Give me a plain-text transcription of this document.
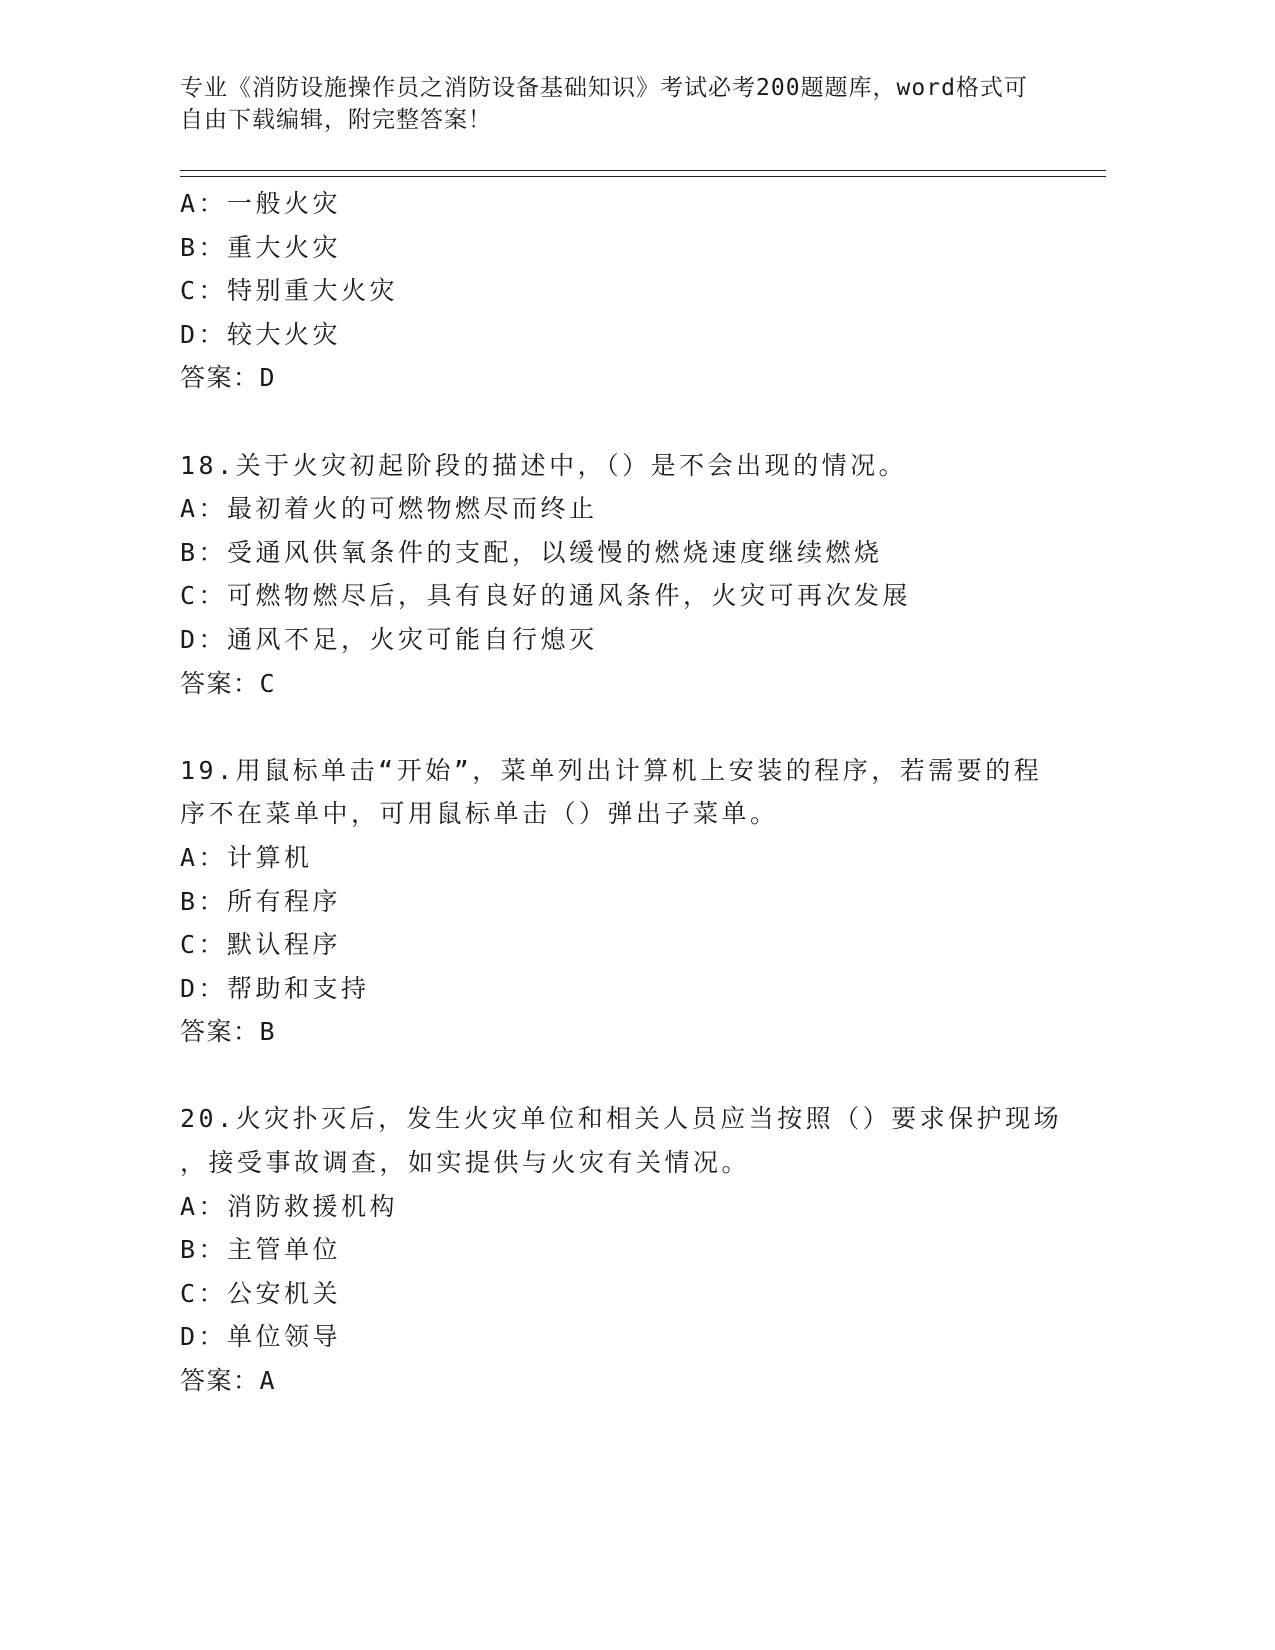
专业《消防设施操作员之消防设备基础知识》考试必考200题题库，word格式可
自由下载编辑，附完整答案！
A：一般火灾
B：重大火灾
C：特别重大火灾
D：较大火灾
答案：D
18.关于火灾初起阶段的描述中，（）是不会出现的情况。
A：最初着火的可燃物燃尽而终止
B：受通风供氧条件的支配，以缓慢的燃烧速度继续燃烧
C：可燃物燃尽后，具有良好的通风条件，火灾可再次发展
D：通风不足，火灾可能自行熄灭
答案：C
19.用鼠标单击“开始”，菜单列出计算机上安装的程序，若需要的程
序不在菜单中，可用鼠标单击（）弹出子菜单。
A：计算机
B：所有程序
C：默认程序
D：帮助和支持
答案：B
20.火灾扑灭后，发生火灾单位和相关人员应当按照（）要求保护现场
，接受事故调查，如实提供与火灾有关情况。
A：消防救援机构
B：主管单位
C：公安机关
D：单位领导
答案：A
